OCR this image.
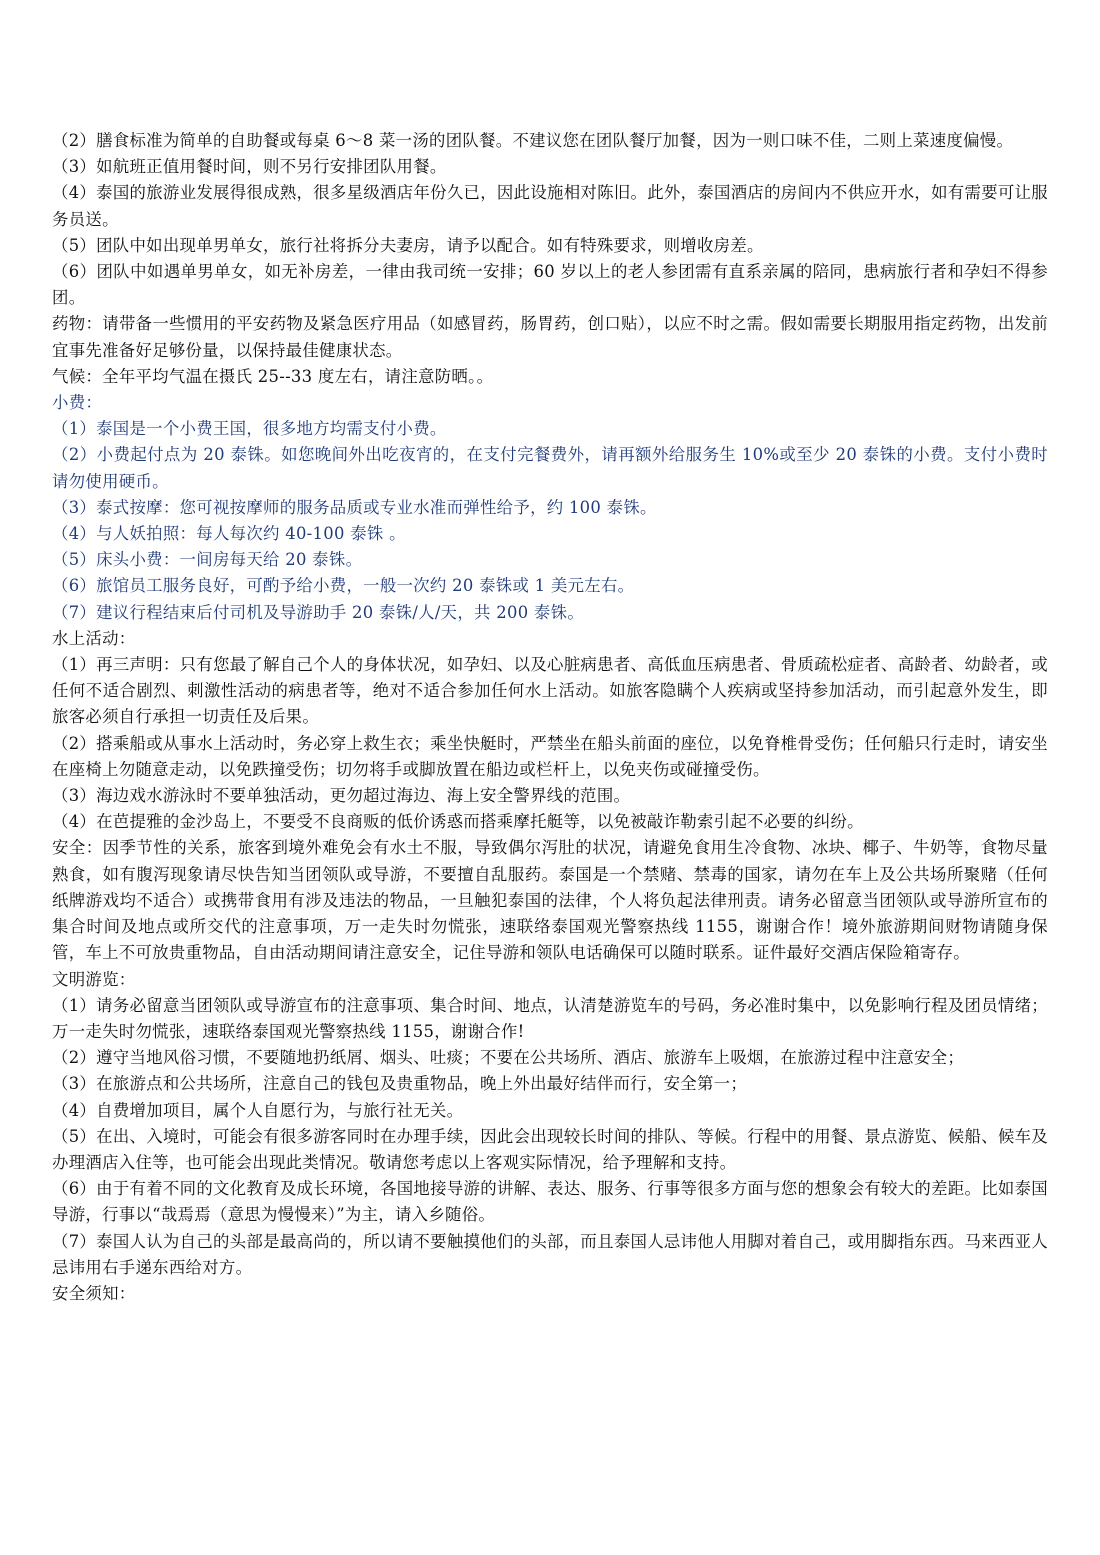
（2）膳食标准为简单的自助餐或每桌 6～8 菜一汤的团队餐。不建议您在团队餐厅加餐，因为一则口味不佳，二则上菜速度偏慢。

（3）如航班正值用餐时间，则不另行安排团队用餐。

（4）泰国的旅游业发展得很成熟，很多星级酒店年份久已，因此设施相对陈旧。此外，泰国酒店的房间内不供应开水，如有需要可让服务员送。

（5）团队中如出现单男单女，旅行社将拆分夫妻房，请予以配合。如有特殊要求，则增收房差。

（6）团队中如遇单男单女，如无补房差，一律由我司统一安排；60 岁以上的老人参团需有直系亲属的陪同，患病旅行者和孕妇不得参团。

药物：请带备一些惯用的平安药物及紧急医疗用品（如感冒药，肠胃药，创口贴），以应不时之需。假如需要长期服用指定药物，出发前宜事先准备好足够份量，以保持最佳健康状态。

气候：全年平均气温在摄氏 25--33 度左右，请注意防晒。。

小费：

（1）泰国是一个小费王国，很多地方均需支付小费。

（2）小费起付点为 20 泰铢。如您晚间外出吃夜宵的，在支付完餐费外，请再额外给服务生 10%或至少 20 泰铢的小费。支付小费时请勿使用硬币。

（3）泰式按摩：您可视按摩师的服务品质或专业水准而弹性给予，约 100 泰铢。

（4）与人妖拍照：每人每次约 40-100 泰铢 。

（5）床头小费：一间房每天给 20 泰铢。

（6）旅馆员工服务良好，可酌予给小费，一般一次约 20 泰铢或 1 美元左右。

（7）建议行程结束后付司机及导游助手 20 泰铢/人/天，共 200 泰铢。

水上活动：

（1）再三声明：只有您最了解自己个人的身体状况，如孕妇、以及心脏病患者、高低血压病患者、骨质疏松症者、高龄者、幼龄者，或任何不适合剧烈、刺激性活动的病患者等，绝对不适合参加任何水上活动。如旅客隐瞒个人疾病或坚持参加活动，而引起意外发生，即旅客必须自行承担一切责任及后果。

（2）搭乘船或从事水上活动时，务必穿上救生衣；乘坐快艇时，严禁坐在船头前面的座位，以免脊椎骨受伤；任何船只行走时，请安坐在座椅上勿随意走动，以免跌撞受伤；切勿将手或脚放置在船边或栏杆上，以免夹伤或碰撞受伤。

（3）海边戏水游泳时不要单独活动，更勿超过海边、海上安全警界线的范围。

（4）在芭提雅的金沙岛上，不要受不良商贩的低价诱惑而搭乘摩托艇等，以免被敲诈勒索引起不必要的纠纷。

安全：因季节性的关系，旅客到境外难免会有水土不服，导致偶尔泻肚的状况，请避免食用生冷食物、冰块、椰子、牛奶等，食物尽量熟食，如有腹泻现象请尽快告知当团领队或导游，不要擅自乱服药。泰国是一个禁赌、禁毒的国家，请勿在车上及公共场所聚赌（任何纸牌游戏均不适合）或携带食用有涉及违法的物品，一旦触犯泰国的法律，个人将负起法律刑责。请务必留意当团领队或导游所宣布的集合时间及地点或所交代的注意事项，万一走失时勿慌张，速联络泰国观光警察热线 1155，谢谢合作！境外旅游期间财物请随身保管，车上不可放贵重物品，自由活动期间请注意安全，记住导游和领队电话确保可以随时联系。证件最好交酒店保险箱寄存。

文明游览：

（1）请务必留意当团领队或导游宣布的注意事项、集合时间、地点，认清楚游览车的号码，务必准时集中，以免影响行程及团员情绪；万一走失时勿慌张，速联络泰国观光警察热线 1155，谢谢合作!

（2）遵守当地风俗习惯，不要随地扔纸屑、烟头、吐痰；不要在公共场所、酒店、旅游车上吸烟，在旅游过程中注意安全；

（3）在旅游点和公共场所，注意自己的钱包及贵重物品，晚上外出最好结伴而行，安全第一；

（4）自费增加项目，属个人自愿行为，与旅行社无关。

（5）在出、入境时，可能会有很多游客同时在办理手续，因此会出现较长时间的排队、等候。行程中的用餐、景点游览、候船、候车及办理酒店入住等，也可能会出现此类情况。敬请您考虑以上客观实际情况，给予理解和支持。

（6）由于有着不同的文化教育及成长环境，各国地接导游的讲解、表达、服务、行事等很多方面与您的想象会有较大的差距。比如泰国导游，行事以“哉焉焉（意思为慢慢来）”为主，请入乡随俗。

（7）泰国人认为自己的头部是最高尚的，所以请不要触摸他们的头部，而且泰国人忌讳他人用脚对着自己，或用脚指东西。马来西亚人忌讳用右手递东西给对方。

安全须知：
